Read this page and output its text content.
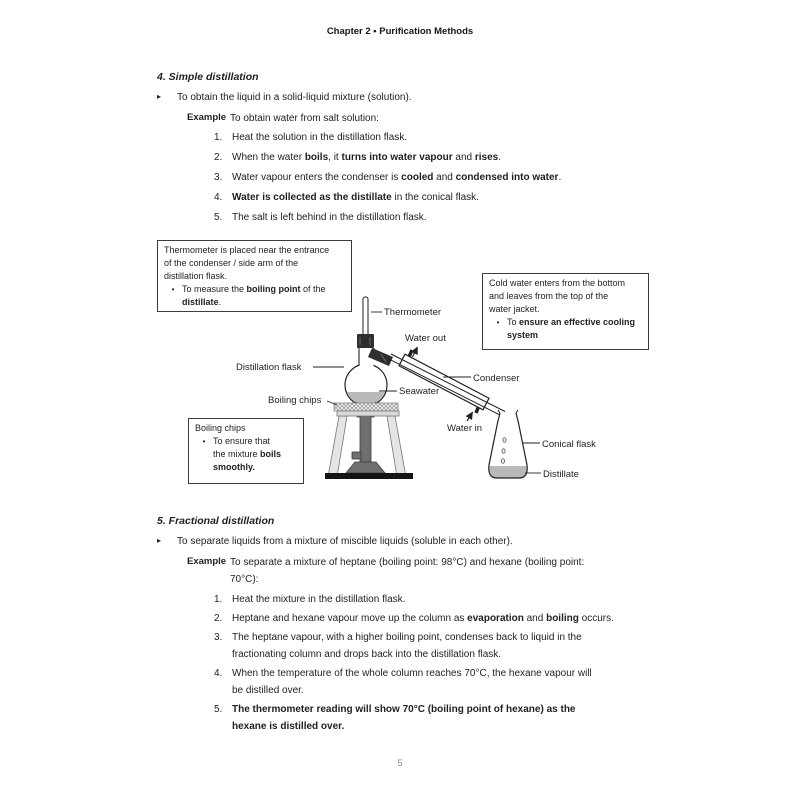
Chapter 2 • Purification Methods
4. Simple distillation
▸ To obtain the liquid in a solid-liquid mixture (solution).
Example To obtain water from salt solution:
1. Heat the solution in the distillation flask.
2. When the water boils, it turns into water vapour and rises.
3. Water vapour enters the condenser is cooled and condensed into water.
4. Water is collected as the distillate in the conical flask.
5. The salt is left behind in the distillation flask.
Thermometer
Water out
Distillation flask
Seawater
Boiling chips
Condenser
Water in
Conical flask
Distillate
Thermometer is placed near the entrance
of the condenser / side arm of the
distillation flask.
• To measure the boiling point of the
distillate.
Cold water enters from the bottom
and leaves from the top of the
water jacket.
• To ensure an effective cooling
system
Boiling chips
• To ensure that
the mixture boils
smoothly.
5. Fractional distillation
▸ To separate liquids from a mixture of miscible liquids (soluble in each other).
Example To separate a mixture of heptane (boiling point: 98°C) and hexane (boiling point:
70°C):
1. Heat the mixture in the distillation flask.
2. Heptane and hexane vapour move up the column as evaporation and boiling occurs.
3. The heptane vapour, with a higher boiling point, condenses back to liquid in the
fractionating column and drops back into the distillation flask.
4. When the temperature of the whole column reaches 70°C, the hexane vapour will
be distilled over.
5. The thermometer reading will show 70°C (boiling point of hexane) as the
hexane is distilled over.
5
